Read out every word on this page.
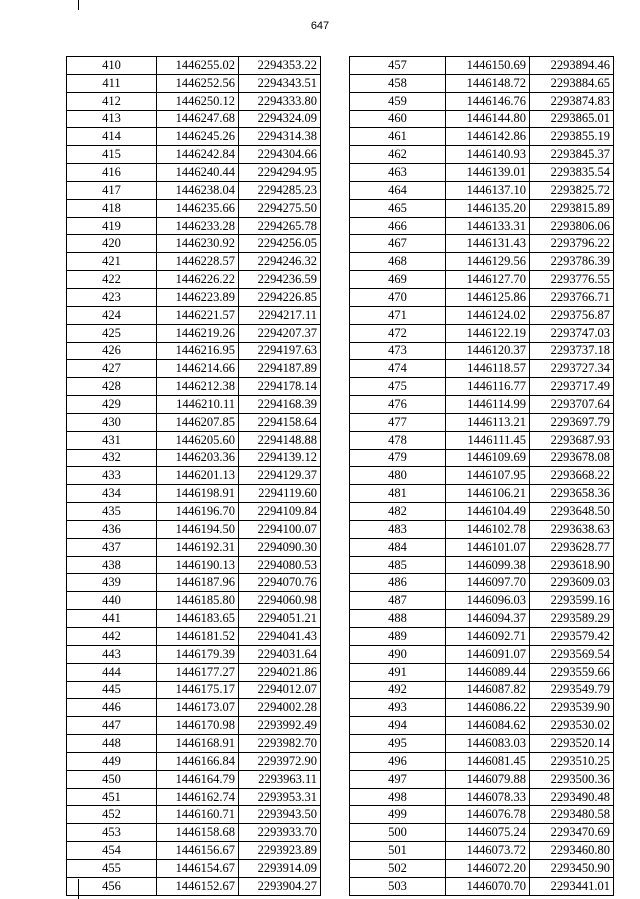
647
410	1446255.02	2294353.22
411	1446252.56	2294343.51
412	1446250.12	2294333.80
413	1446247.68	2294324.09
414	1446245.26	2294314.38
415	1446242.84	2294304.66
416	1446240.44	2294294.95
417	1446238.04	2294285.23
418	1446235.66	2294275.50
419	1446233.28	2294265.78
420	1446230.92	2294256.05
421	1446228.57	2294246.32
422	1446226.22	2294236.59
423	1446223.89	2294226.85
424	1446221.57	2294217.11
425	1446219.26	2294207.37
426	1446216.95	2294197.63
427	1446214.66	2294187.89
428	1446212.38	2294178.14
429	1446210.11	2294168.39
430	1446207.85	2294158.64
431	1446205.60	2294148.88
432	1446203.36	2294139.12
433	1446201.13	2294129.37
434	1446198.91	2294119.60
435	1446196.70	2294109.84
436	1446194.50	2294100.07
437	1446192.31	2294090.30
438	1446190.13	2294080.53
439	1446187.96	2294070.76
440	1446185.80	2294060.98
441	1446183.65	2294051.21
442	1446181.52	2294041.43
443	1446179.39	2294031.64
444	1446177.27	2294021.86
445	1446175.17	2294012.07
446	1446173.07	2294002.28
447	1446170.98	2293992.49
448	1446168.91	2293982.70
449	1446166.84	2293972.90
450	1446164.79	2293963.11
451	1446162.74	2293953.31
452	1446160.71	2293943.50
453	1446158.68	2293933.70
454	1446156.67	2293923.89
455	1446154.67	2293914.09
456	1446152.67	2293904.27
457	1446150.69	2293894.46
458	1446148.72	2293884.65
459	1446146.76	2293874.83
460	1446144.80	2293865.01
461	1446142.86	2293855.19
462	1446140.93	2293845.37
463	1446139.01	2293835.54
464	1446137.10	2293825.72
465	1446135.20	2293815.89
466	1446133.31	2293806.06
467	1446131.43	2293796.22
468	1446129.56	2293786.39
469	1446127.70	2293776.55
470	1446125.86	2293766.71
471	1446124.02	2293756.87
472	1446122.19	2293747.03
473	1446120.37	2293737.18
474	1446118.57	2293727.34
475	1446116.77	2293717.49
476	1446114.99	2293707.64
477	1446113.21	2293697.79
478	1446111.45	2293687.93
479	1446109.69	2293678.08
480	1446107.95	2293668.22
481	1446106.21	2293658.36
482	1446104.49	2293648.50
483	1446102.78	2293638.63
484	1446101.07	2293628.77
485	1446099.38	2293618.90
486	1446097.70	2293609.03
487	1446096.03	2293599.16
488	1446094.37	2293589.29
489	1446092.71	2293579.42
490	1446091.07	2293569.54
491	1446089.44	2293559.66
492	1446087.82	2293549.79
493	1446086.22	2293539.90
494	1446084.62	2293530.02
495	1446083.03	2293520.14
496	1446081.45	2293510.25
497	1446079.88	2293500.36
498	1446078.33	2293490.48
499	1446076.78	2293480.58
500	1446075.24	2293470.69
501	1446073.72	2293460.80
502	1446072.20	2293450.90
503	1446070.70	2293441.01
